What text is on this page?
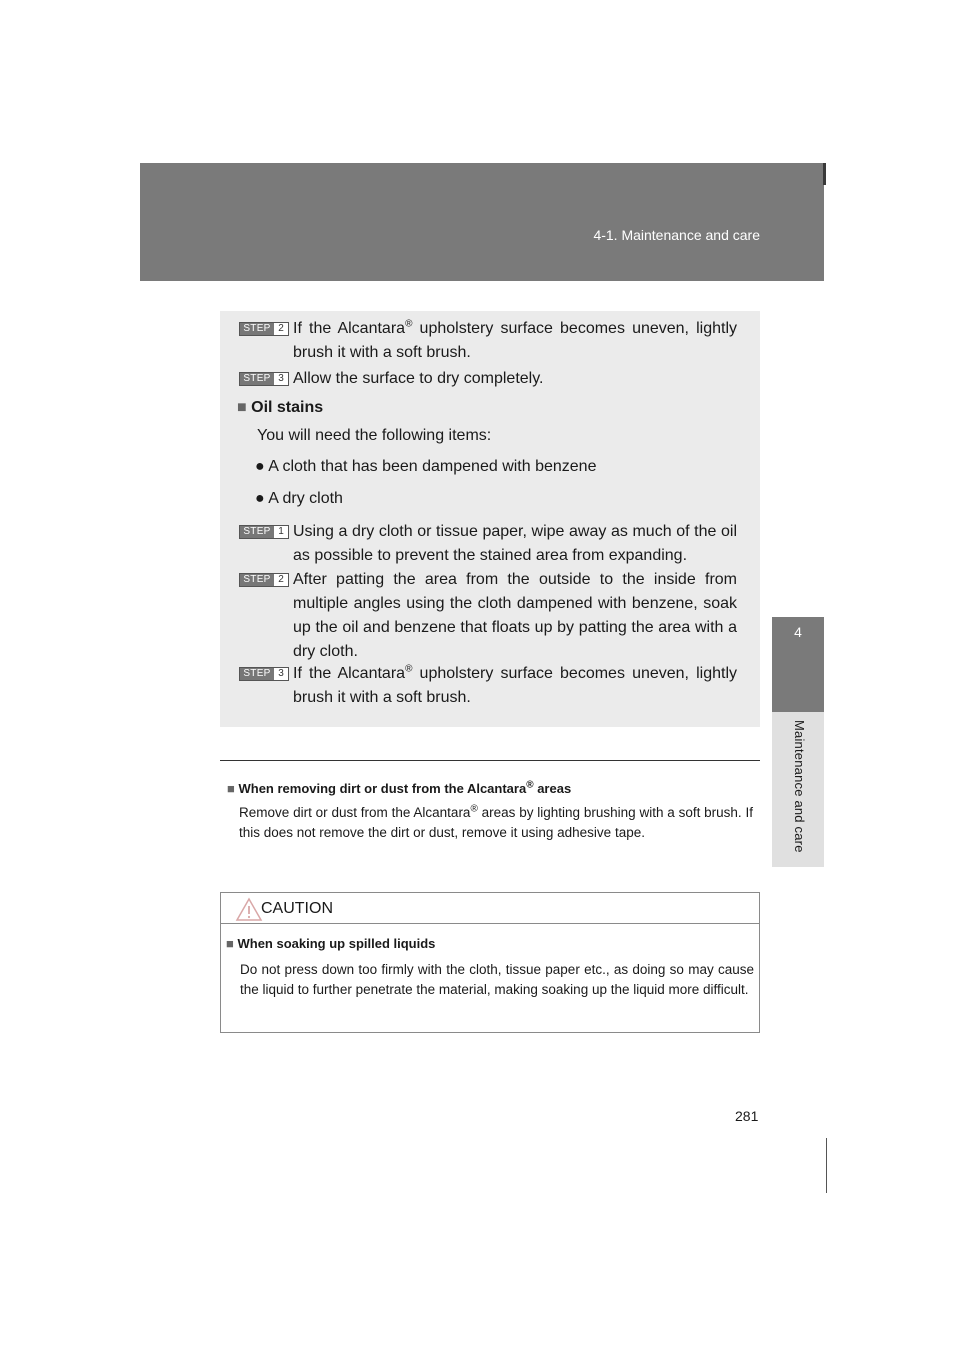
4-1. Maintenance and care
4
Maintenance and care
STEP 2 If the Alcantara® upholstery surface becomes uneven, lightly brush it with a soft brush.
STEP 3 Allow the surface to dry completely.
■ Oil stains
You will need the following items:
● A cloth that has been dampened with benzene
● A dry cloth
STEP 1 Using a dry cloth or tissue paper, wipe away as much of the oil as possible to prevent the stained area from expanding.
STEP 2 After patting the area from the outside to the inside from multiple angles using the cloth dampened with benzene, soak up the oil and benzene that floats up by patting the area with a dry cloth.
STEP 3 If the Alcantara® upholstery surface becomes uneven, lightly brush it with a soft brush.
■ When removing dirt or dust from the Alcantara® areas
Remove dirt or dust from the Alcantara® areas by lighting brushing with a soft brush. If this does not remove the dirt or dust, remove it using adhesive tape.
CAUTION
■ When soaking up spilled liquids
Do not press down too firmly with the cloth, tissue paper etc., as doing so may cause the liquid to further penetrate the material, making soaking up the liquid more difficult.
281
